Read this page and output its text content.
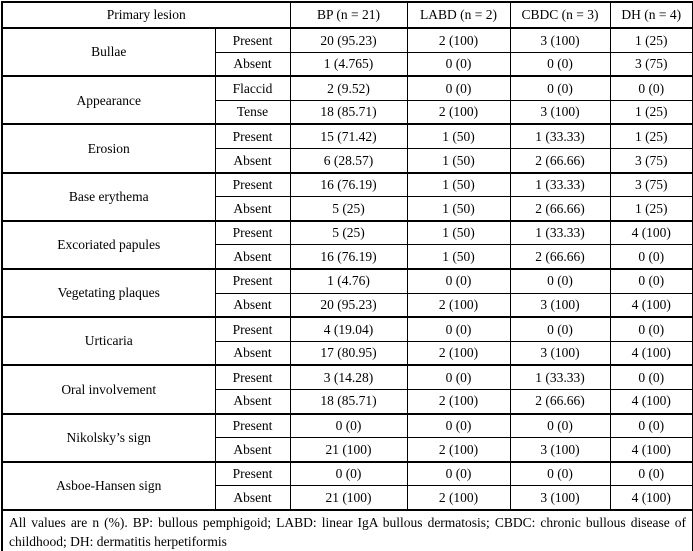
Primary lesion		BP (n = 21)	LABD (n = 2)	CBDC (n = 3)	DH (n = 4)
Bullae	Present	20 (95.23)	2 (100)	3 (100)	1 (25)
	Absent	1 (4.765)	0 (0)	0 (0)	3 (75)
Appearance	Flaccid	2 (9.52)	0 (0)	0 (0)	0 (0)
	Tense	18 (85.71)	2 (100)	3 (100)	1 (25)
Erosion	Present	15 (71.42)	1 (50)	1 (33.33)	1 (25)
	Absent	6 (28.57)	1 (50)	2 (66.66)	3 (75)
Base erythema	Present	16 (76.19)	1 (50)	1 (33.33)	3 (75)
	Absent	5 (25)	1 (50)	2 (66.66)	1 (25)
Excoriated papules	Present	5 (25)	1 (50)	1 (33.33)	4 (100)
	Absent	16 (76.19)	1 (50)	2 (66.66)	0 (0)
Vegetating plaques	Present	1 (4.76)	0 (0)	0 (0)	0 (0)
	Absent	20 (95.23)	2 (100)	3 (100)	4 (100)
Urticaria	Present	4 (19.04)	0 (0)	0 (0)	0 (0)
	Absent	17 (80.95)	2 (100)	3 (100)	4 (100)
Oral involvement	Present	3 (14.28)	0 (0)	1 (33.33)	0 (0)
	Absent	18 (85.71)	2 (100)	2 (66.66)	4 (100)
Nikolsky’s sign	Present	0 (0)	0 (0)	0 (0)	0 (0)
	Absent	21 (100)	2 (100)	3 (100)	4 (100)
Asboe-Hansen sign	Present	0 (0)	0 (0)	0 (0)	0 (0)
	Absent	21 (100)	2 (100)	3 (100)	4 (100)
All values are n (%). BP: bullous pemphigoid; LABD: linear IgA bullous dermatosis; CBDC: chronic bullous disease of childhood; DH: dermatitis herpetiformis					
